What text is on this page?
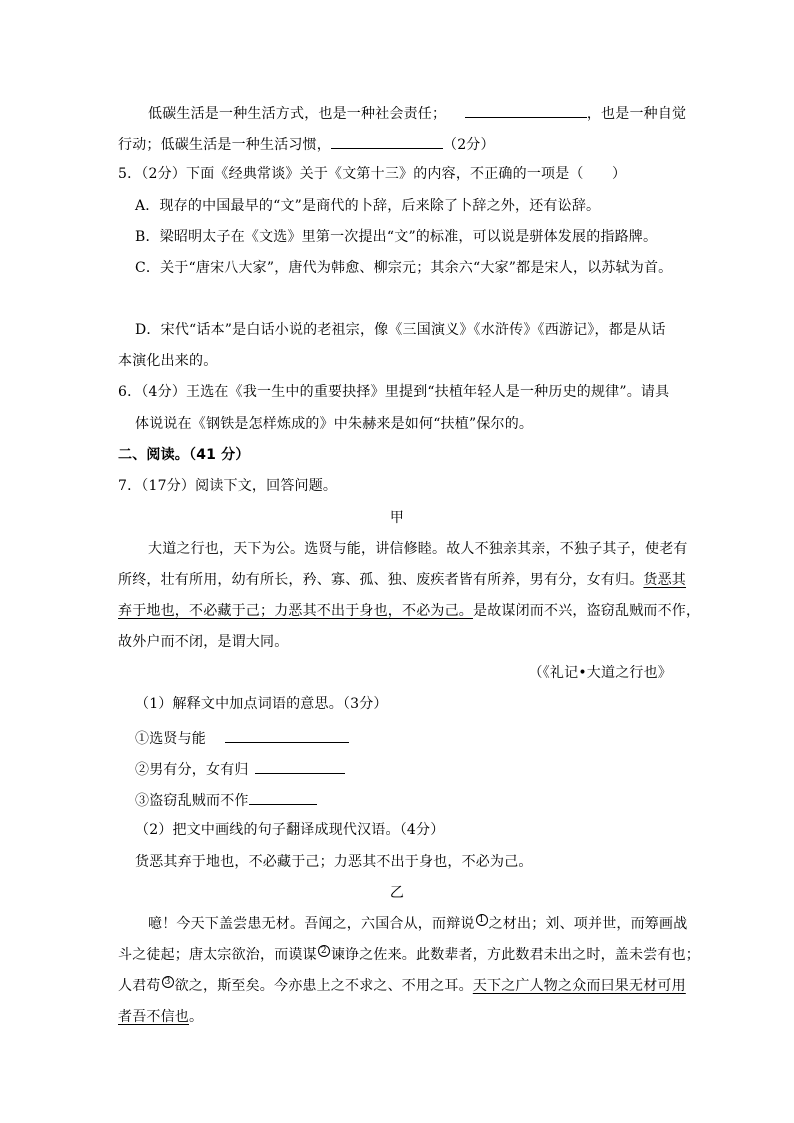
低碳生活是一种生活方式，也是一种社会责任；	，也是一种自觉
行动；低碳生活是一种生活习惯，	（2分）
5．（2分）下面《经典常谈》关于《文第十三》的内容，不正确的一项是（　　）
A．现存的中国最早的“文”是商代的卜辞，后来除了卜辞之外，还有讼辞。
B．梁昭明太子在《文选》里第一次提出“文”的标准，可以说是骈体发展的指路牌。
C．关于“唐宋八大家”，唐代为韩愈、柳宗元；其余六“大家”都是宋人，以苏轼为首。
D．宋代“话本”是白话小说的老祖宗，像《三国演义》《水浒传》《西游记》，都是从话
本演化出来的。
6．（4分）王选在《我一生中的重要抉择》里提到“扶植年轻人是一种历史的规律”。请具
体说说在《钢铁是怎样炼成的》中朱赫来是如何“扶植”保尔的。
二、阅读。（41 分）
7．（17分）阅读下文，回答问题。
甲
大道之行也，天下为公。选贤与能，讲信修睦。故人不独亲其亲，不独子其子，使老有
所终，壮有所用，幼有所长，矜、寡、孤、独、废疾者皆有所养，男有分，女有归。货恶其
弃于地也，不必藏于己；力恶其不出于身也，不必为己。是故谋闭而不兴，盗窃乱贼而不作，
故外户而不闭，是谓大同。
（《礼记•大道之行也》
（1）解释文中加点词语的意思。（3分）
①选贤与能
②男有分，女有归
③盗窃乱贼而不作
（2）把文中画线的句子翻译成现代汉语。（4分）
货恶其弃于地也，不必藏于己；力恶其不出于身也，不必为己。
乙
噫！今天下盖尝患无材。吾闻之，六国合从，而辩说 1 之材出；刘、项并世，而筹画战
斗之徒起；唐太宗欲治，而谟谋 2 谏诤之佐来。此数辈者，方此数君未出之时，盖未尝有也；
人君苟 3 欲之，斯至矣。今亦患上之不求之、不用之耳。天下之广人物之众而曰果无材可用
者吾不信也。
